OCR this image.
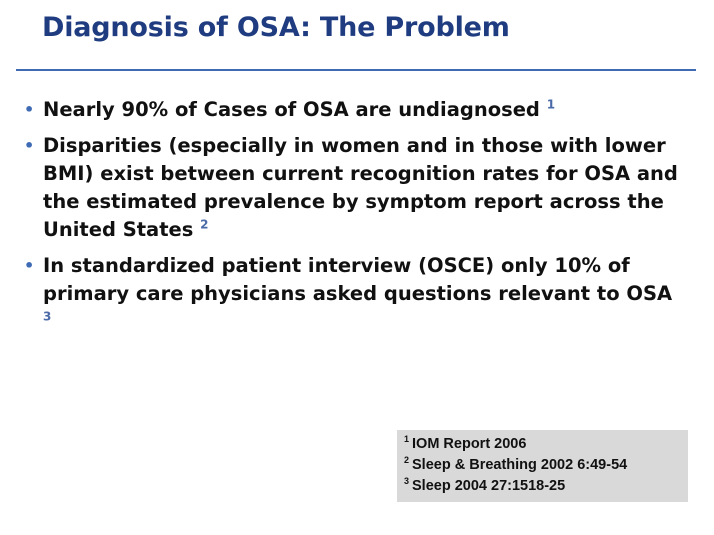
Diagnosis of OSA: The Problem
• Nearly 90% of Cases of OSA are undiagnosed $^1$
• Disparities (especially in women and in those with lower BMI) exist between current recognition rates for OSA and the estimated prevalence by symptom report across the United States $^2$
• In standardized patient interview (OSCE) only 10% of primary care physicians asked questions relevant to OSA $^3$
$^1$ IOM Report 2006
$^2$ Sleep & Breathing 2002 6:49-54
$^3$ Sleep 2004 27:1518-25
